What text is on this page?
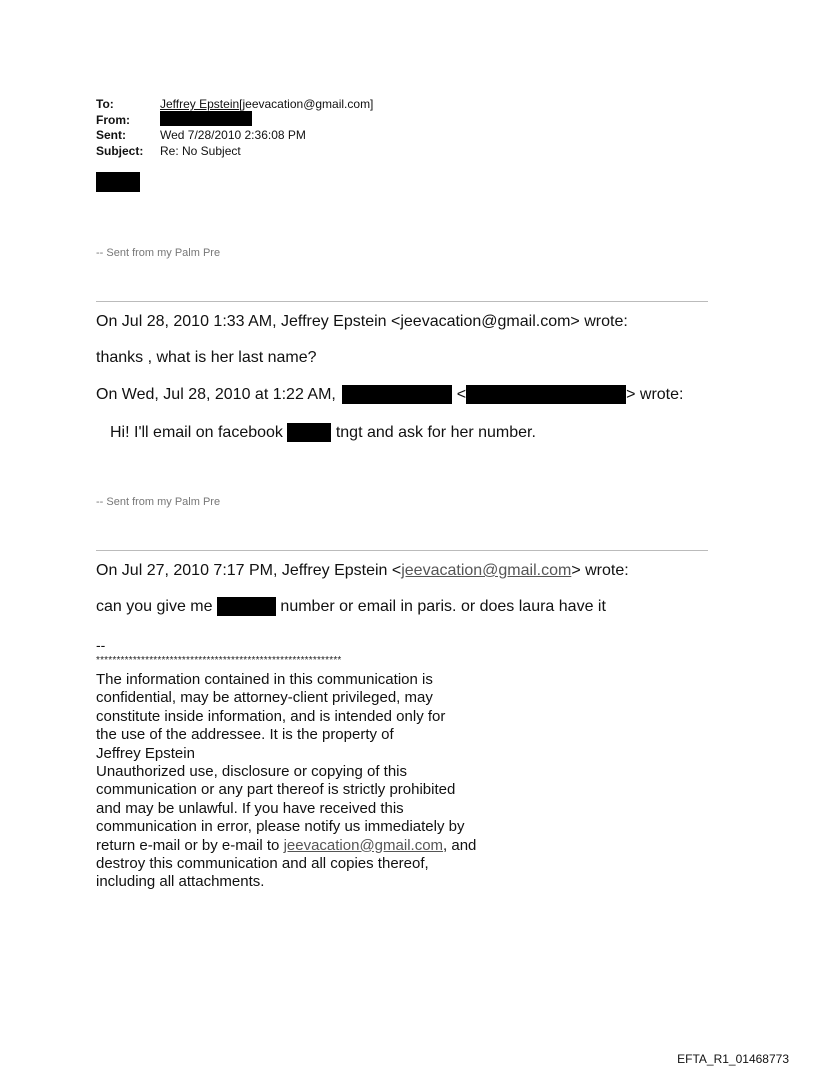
To:	Jeffrey Epstein[jeevacation@gmail.com]
From:
Sent:	Wed 7/28/2010 2:36:08 PM
Subject: Re: No Subject
-- Sent from my Palm Pre
On Jul 28, 2010 1:33 AM, Jeffrey Epstein <jeevacation@gmail.com> wrote:
thanks , what is her last name?
On Wed, Jul 28, 2010 at 1:22 AM,	<	> wrote:
Hi! I'll email on facebook	tngt and ask for her number.
-- Sent from my Palm Pre
On Jul 27, 2010 7:17 PM, Jeffrey Epstein <jeevacation@gmail.com> wrote:
can you give me	number or email in paris. or does laura have it
--
************************************************************
The information contained in this communication is
confidential, may be attorney-client privileged, may
constitute inside information, and is intended only for
the use of the addressee. It is the property of
Jeffrey Epstein
Unauthorized use, disclosure or copying of this
communication or any part thereof is strictly prohibited
and may be unlawful. If you have received this
communication in error, please notify us immediately by
return e-mail or by e-mail to jeevacation@gmail.com, and
destroy this communication and all copies thereof,
including all attachments.
EFTA_R1_01468773
